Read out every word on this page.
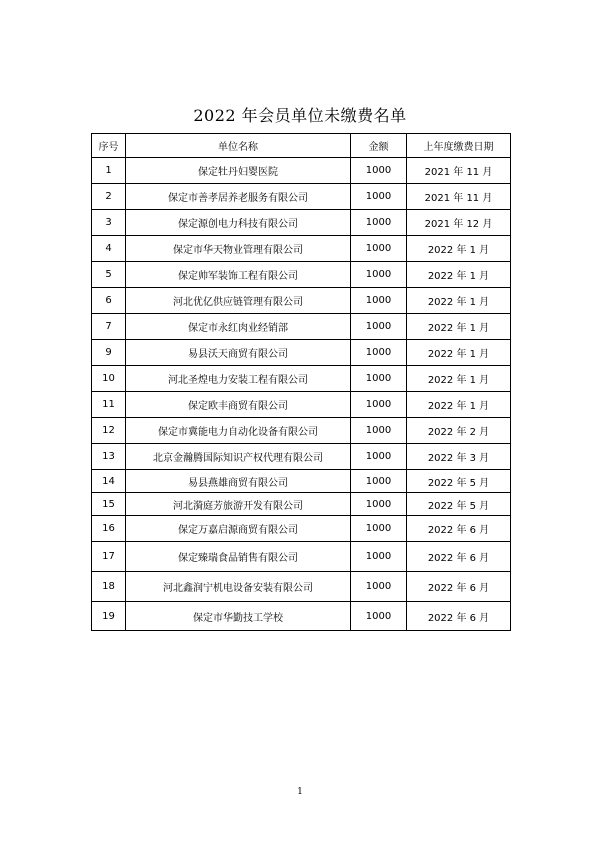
2022 年会员单位未缴费名单
序号	单位名称	金额	上年度缴费日期
1	保定牡丹妇婴医院	1000	2021 年 11 月
2	保定市善孝居养老服务有限公司	1000	2021 年 11 月
3	保定源创电力科技有限公司	1000	2021 年 12 月
4	保定市华天物业管理有限公司	1000	2022 年 1 月
5	保定帅军装饰工程有限公司	1000	2022 年 1 月
6	河北优亿供应链管理有限公司	1000	2022 年 1 月
7	保定市永红肉业经销部	1000	2022 年 1 月
9	易县沃天商贸有限公司	1000	2022 年 1 月
10	河北圣煌电力安装工程有限公司	1000	2022 年 1 月
11	保定欧丰商贸有限公司	1000	2022 年 1 月
12	保定市冀能电力自动化设备有限公司	1000	2022 年 2 月
13	北京金瀚腾国际知识产权代理有限公司	1000	2022 年 3 月
14	易县燕雄商贸有限公司	1000	2022 年 5 月
15	河北漪庭芳旅游开发有限公司	1000	2022 年 5 月
16	保定万嘉启源商贸有限公司	1000	2022 年 6 月
17	保定臻瑞食品销售有限公司	1000	2022 年 6 月
18	河北鑫润宁机电设备安装有限公司	1000	2022 年 6 月
19	保定市华勤技工学校	1000	2022 年 6 月
1
